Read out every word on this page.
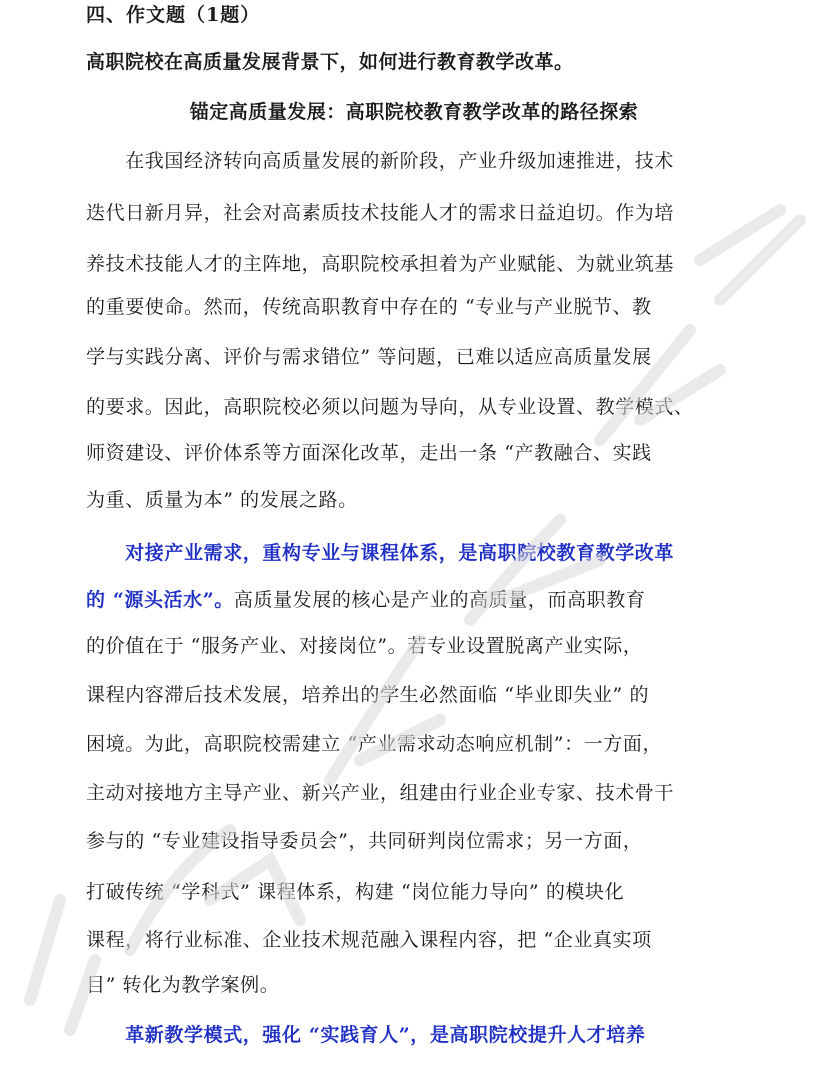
四、作文题（1题）
高职院校在高质量发展背景下，如何进行教育教学改革。
锚定高质量发展：高职院校教育教学改革的路径探索
　　在我国经济转向高质量发展的新阶段，产业升级加速推进，技术
迭代日新月异，社会对高素质技术技能人才的需求日益迫切。作为培
养技术技能人才的主阵地，高职院校承担着为产业赋能、为就业筑基
的重要使命。然而，传统高职教育中存在的 “专业与产业脱节、教
学与实践分离、评价与需求错位” 等问题，已难以适应高质量发展
的要求。因此，高职院校必须以问题为导向，从专业设置、教学模式、
师资建设、评价体系等方面深化改革，走出一条 “产教融合、实践
为重、质量为本” 的发展之路。
　　对接产业需求，重构专业与课程体系，是高职院校教育教学改革
的 “源头活水”。高质量发展的核心是产业的高质量，而高职教育
的价值在于 “服务产业、对接岗位”。若专业设置脱离产业实际，
课程内容滞后技术发展，培养出的学生必然面临 “毕业即失业” 的
困境。为此，高职院校需建立 “产业需求动态响应机制”：一方面，
主动对接地方主导产业、新兴产业，组建由行业企业专家、技术骨干
参与的 “专业建设指导委员会”，共同研判岗位需求；另一方面，
打破传统 “学科式” 课程体系，构建 “岗位能力导向” 的模块化
课程，将行业标准、企业技术规范融入课程内容，把 “企业真实项
目” 转化为教学案例。
　　革新教学模式，强化 “实践育人”，是高职院校提升人才培养
